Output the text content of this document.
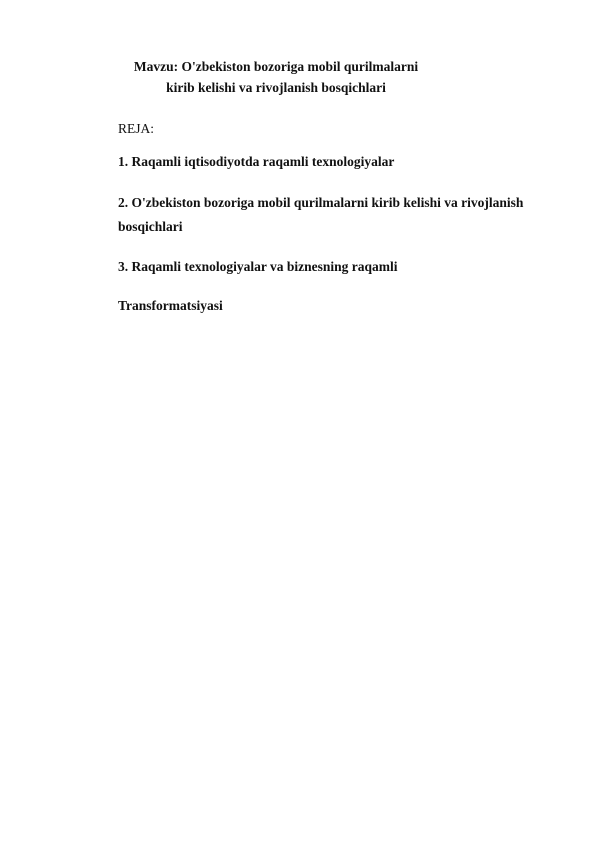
Mavzu: O'zbekiston bozoriga mobil qurilmalarni
kirib kelishi va rivojlanish bosqichlari
REJA:
1. Raqamli iqtisodiyotda raqamli texnologiyalar
2. O'zbekiston bozoriga mobil qurilmalarni kirib kelishi va rivojlanish
bosqichlari
3. Raqamli texnologiyalar va biznesning raqamli
Transformatsiyasi
